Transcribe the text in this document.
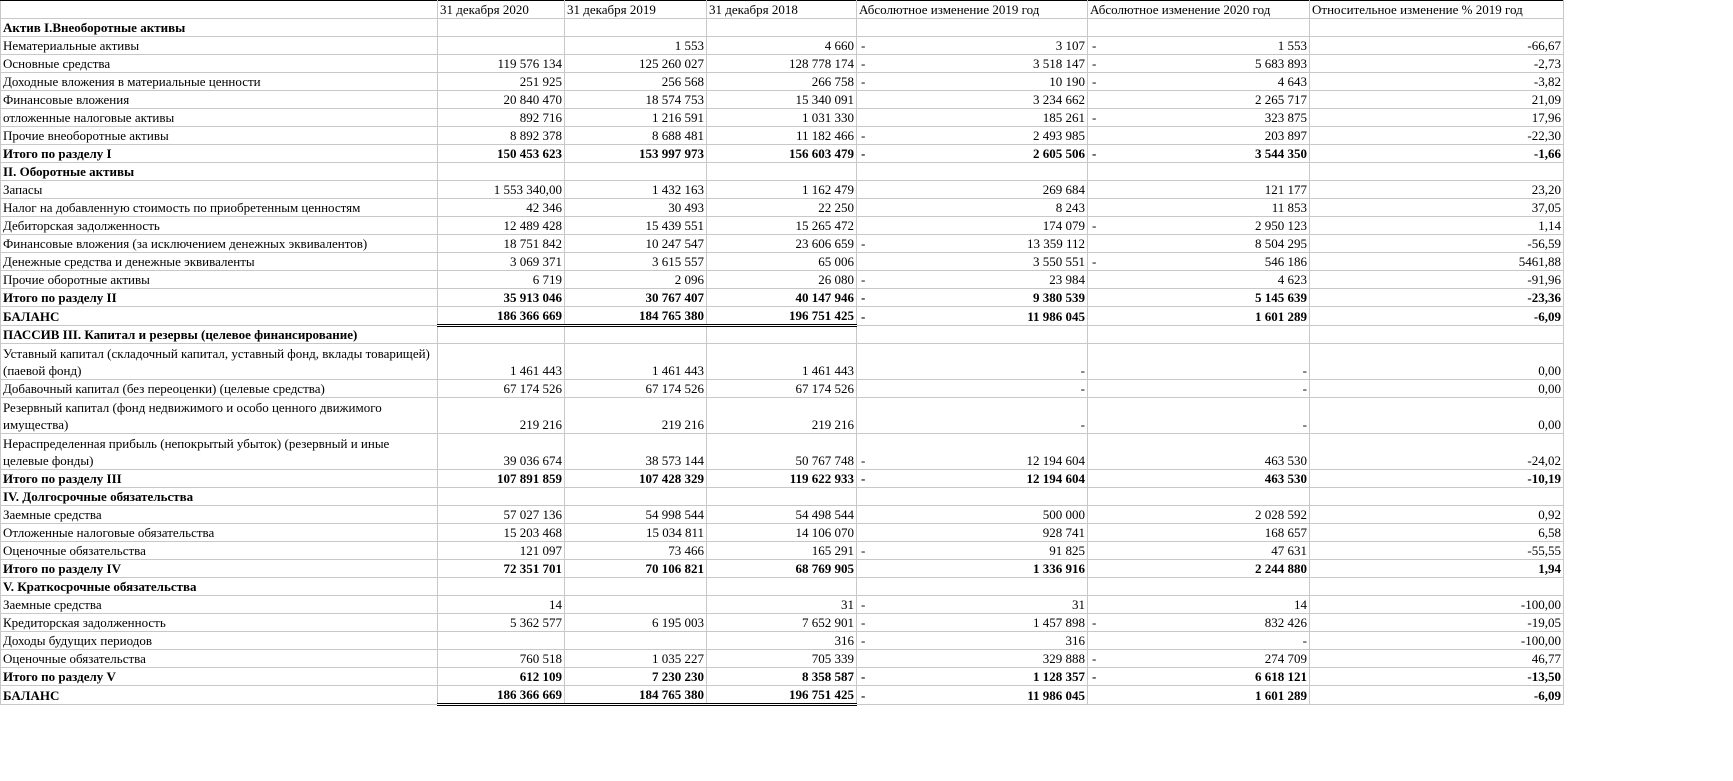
	31 декабря 2020	31 декабря 2019	31 декабря 2018	Абсолютное изменение 2019 год	Абсолютное изменение 2020 год	Относительное изменение % 2019 год
Актив I.Внеоборотные активы				

Нематериальные активы		1 553	4 660	- 3 107	- 1 553	-66,67
Основные средства	119 576 134	125 260 027	128 778 174	- 3 518 147	- 5 683 893	-2,73
Доходные вложения в материальные ценности	251 925	256 568	266 758	- 10 190	- 4 643	-3,82
Финансовые вложения	20 840 470	18 574 753	15 340 091	3 234 662	2 265 717	21,09
отложенные налоговые активы	892 716	1 216 591	1 031 330	185 261	- 323 875	17,96
Прочие внеоборотные активы	8 892 378	8 688 481	11 182 466	- 2 493 985	203 897	-22,30
Итого по разделу I	150 453 623	153 997 973	156 603 479	- 2 605 506	- 3 544 350	-1,66
II. Оборотные активы				

Запасы	1 553 340,00	1 432 163	1 162 479	269 684	121 177	23,20
Налог на добавленную стоимость по приобретенным ценностям	42 346	30 493	22 250	8 243	11 853	37,05
Дебиторская задолженность	12 489 428	15 439 551	15 265 472	174 079	- 2 950 123	1,14
Финансовые вложения (за исключением денежных эквивалентов)	18 751 842	10 247 547	23 606 659	- 13 359 112	8 504 295	-56,59
Денежные средства и денежные эквиваленты	3 069 371	3 615 557	65 006	3 550 551	- 546 186	5461,88
Прочие оборотные активы	6 719	2 096	26 080	- 23 984	4 623	-91,96
Итого по разделу II	35 913 046	30 767 407	40 147 946	- 9 380 539	5 145 639	-23,36
БАЛАНС	186 366 669	184 765 380	196 751 425	- 11 986 045	1 601 289	-6,09
ПАССИВ III. Капитал и резервы (целевое финансирование)				

Уставный капитал (складочный капитал, уставный фонд, вклады товарищей)(паевой фонд)	1 461 443	1 461 443	1 461 443	-	-	0,00
Добавочный капитал (без переоценки) (целевые средства)	67 174 526	67 174 526	67 174 526	-	-	0,00
Резервный капитал (фонд недвижимого и особо ценного движимого имущества)	219 216	219 216	219 216	-	-	0,00
Нераспределенная прибыль (непокрытый убыток) (резервный и иные целевые фонды)	39 036 674	38 573 144	50 767 748	- 12 194 604	463 530	-24,02
Итого по разделу III	107 891 859	107 428 329	119 622 933	- 12 194 604	463 530	-10,19
IV. Долгосрочные обязательства				

Заемные средства	57 027 136	54 998 544	54 498 544	500 000	2 028 592	0,92
Отложенные налоговые обязательства	15 203 468	15 034 811	14 106 070	928 741	168 657	6,58
Оценочные обязательства	121 097	73 466	165 291	- 91 825	47 631	-55,55
Итого по разделу IV	72 351 701	70 106 821	68 769 905	1 336 916	2 244 880	1,94
V. Краткосрочные обязательства				

Заемные средства	14		31	- 31	14	-100,00
Кредиторская задолженность	5 362 577	6 195 003	7 652 901	- 1 457 898	- 832 426	-19,05
Доходы будущих периодов			316	- 316	-	-100,00
Оценочные обязательства	760 518	1 035 227	705 339	329 888	- 274 709	46,77
Итого по разделу V	612 109	7 230 230	8 358 587	- 1 128 357	- 6 618 121	-13,50
БАЛАНС	186 366 669	184 765 380	196 751 425	- 11 986 045	1 601 289	-6,09
